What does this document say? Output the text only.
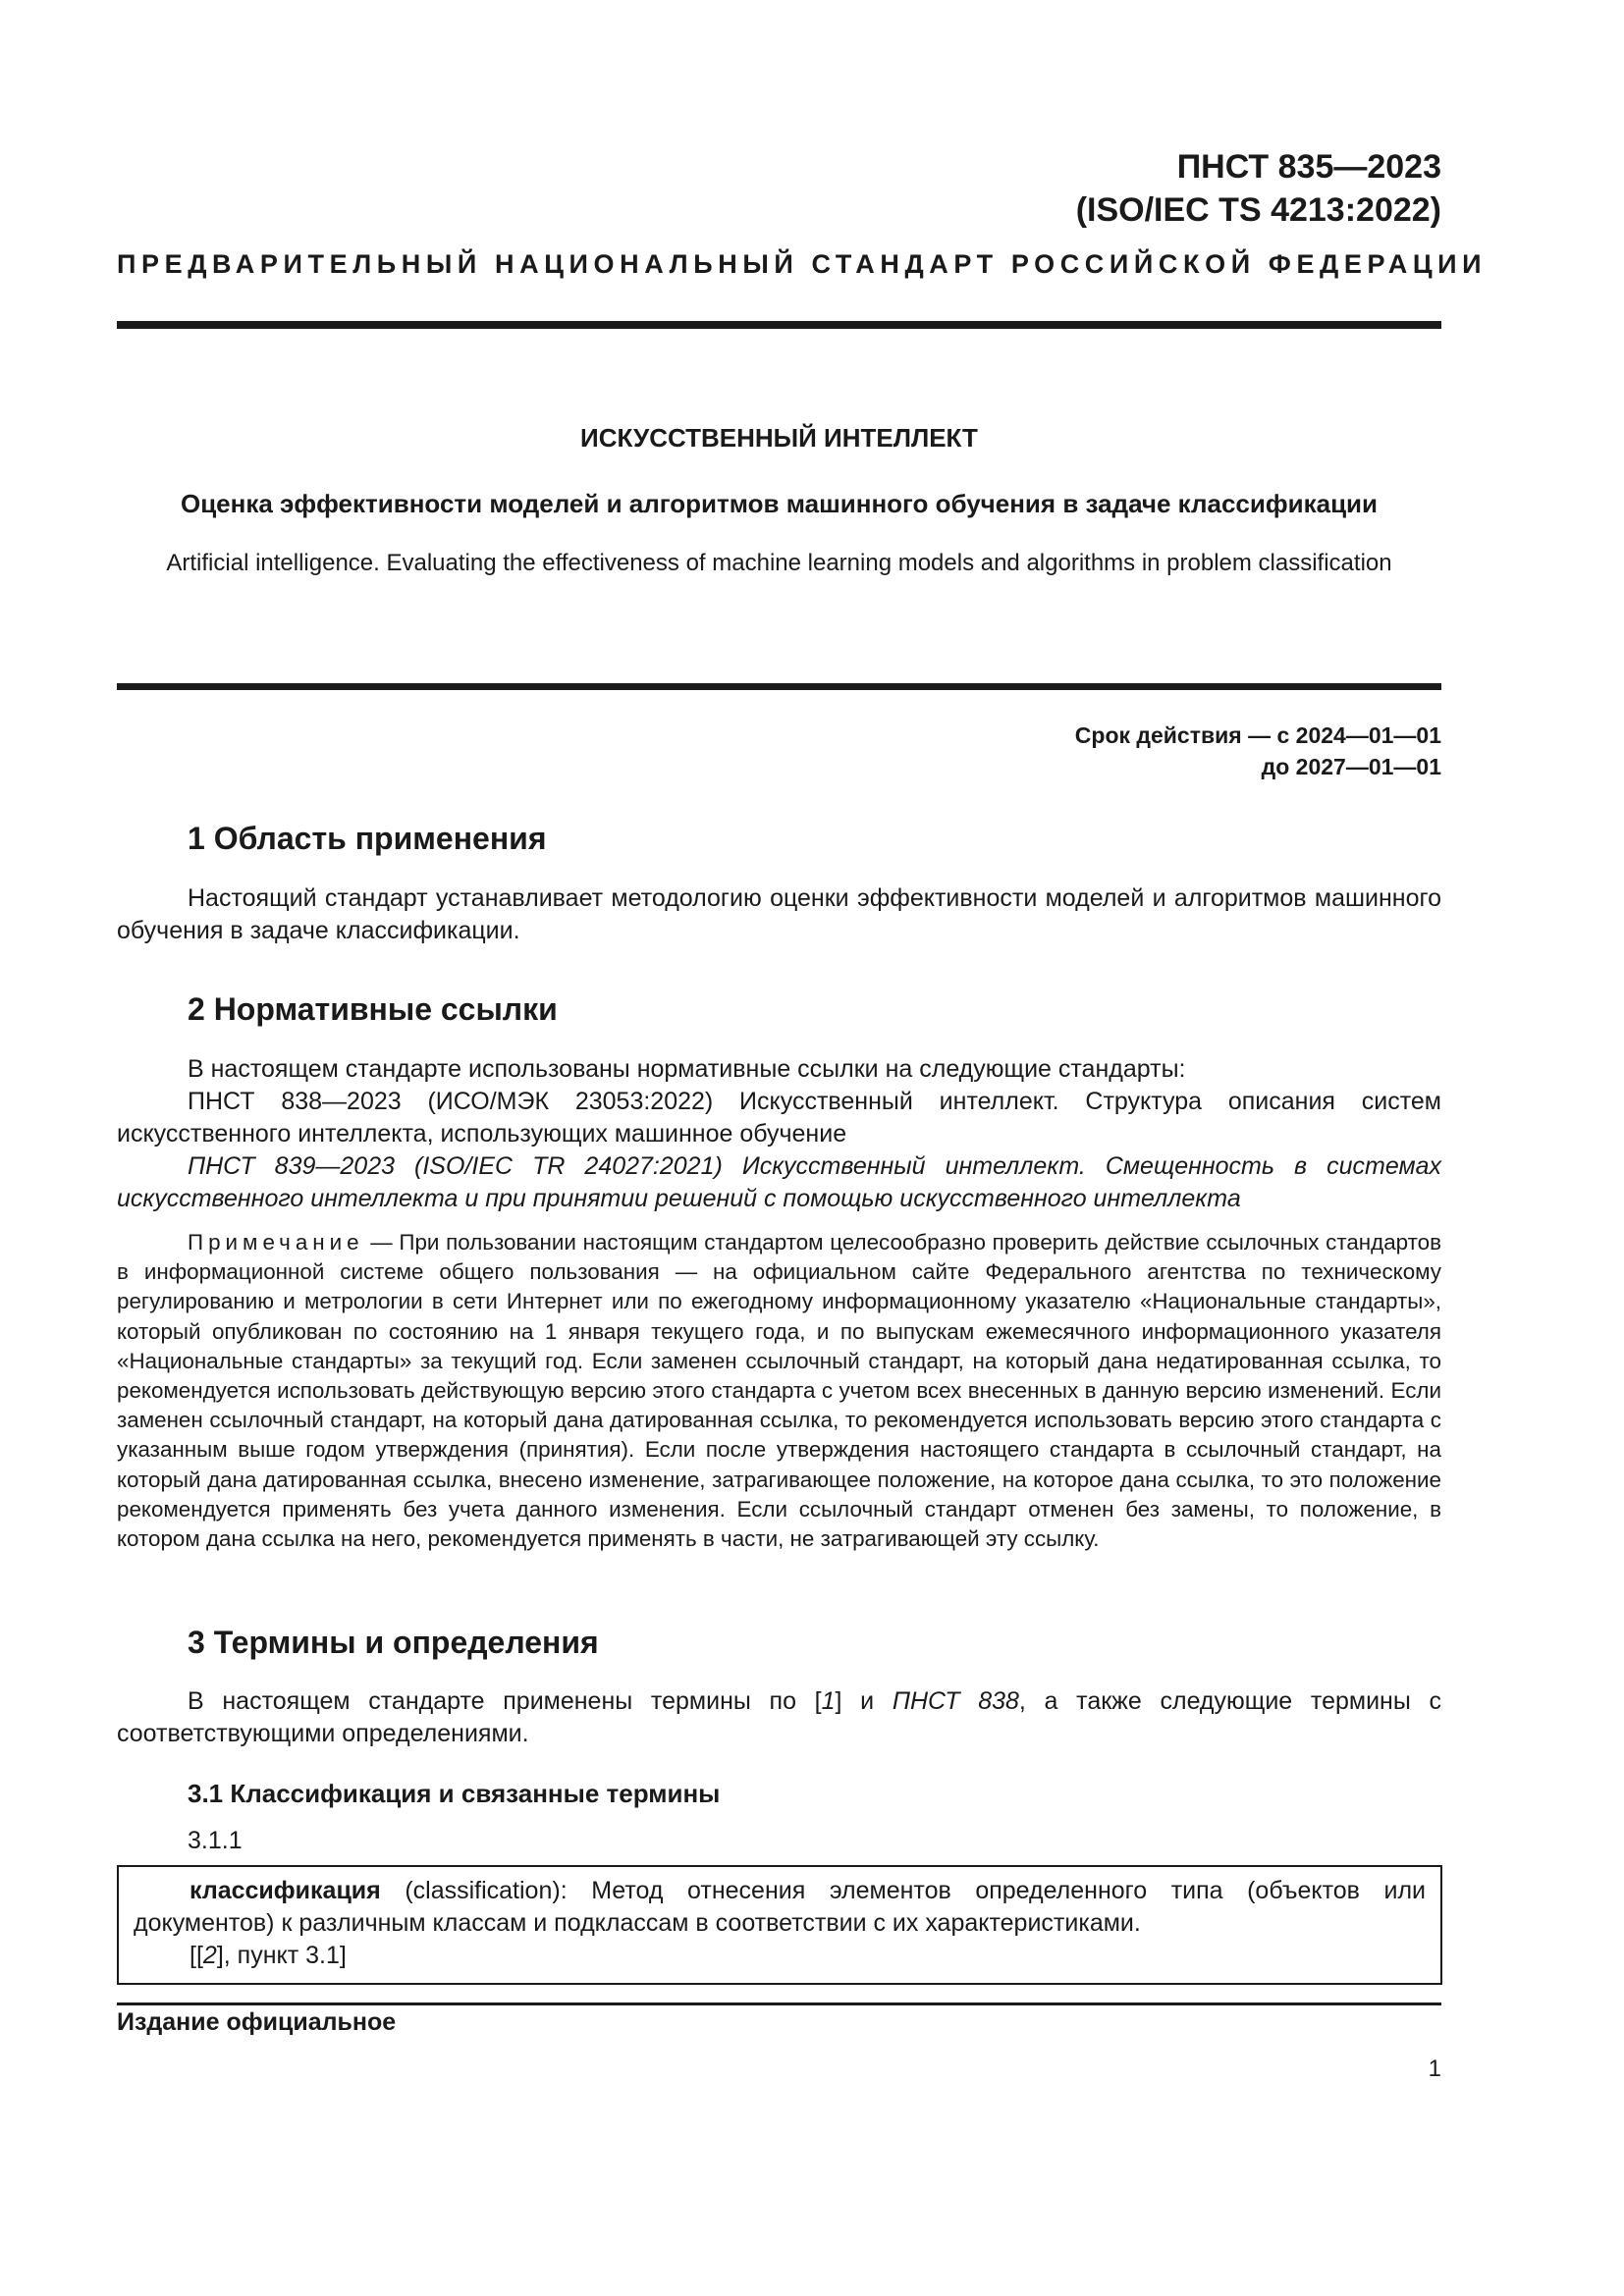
ПНСТ 835—2023
(ISO/IEC TS 4213:2022)
ПРЕДВАРИТЕЛЬНЫЙ НАЦИОНАЛЬНЫЙ СТАНДАРТ РОССИЙСКОЙ ФЕДЕРАЦИИ
ИСКУССТВЕННЫЙ ИНТЕЛЛЕКТ
Оценка эффективности моделей и алгоритмов машинного обучения в задаче классификации
Artificial intelligence. Evaluating the effectiveness of machine learning models and algorithms in problem classification
Срок действия — с 2024—01—01
до 2027—01—01
1 Область применения

Настоящий стандарт устанавливает методологию оценки эффективности моделей и алгоритмов машинного обучения в задаче классификации.

2 Нормативные ссылки

В настоящем стандарте использованы нормативные ссылки на следующие стандарты:

ПНСТ 838—2023 (ИСО/МЭК 23053:2022) Искусственный интеллект. Структура описания систем искусственного интеллекта, использующих машинное обучение

ПНСТ 839—2023 (ISO/IEC TR 24027:2021) Искусственный интеллект. Смещенность в системах искусственного интеллекта и при принятии решений с помощью искусственного интеллекта

Примечание — При пользовании настоящим стандартом целесообразно проверить действие ссылочных стандартов в информационной системе общего пользования — на официальном сайте Федерального агентства по техническому регулированию и метрологии в сети Интернет или по ежегодному информационному указателю «Национальные стандарты», который опубликован по состоянию на 1 января текущего года, и по выпускам ежемесячного информационного указателя «Национальные стандарты» за текущий год. Если заменен ссылочный стандарт, на который дана недатированная ссылка, то рекомендуется использовать действующую версию этого стандарта с учетом всех внесенных в данную версию изменений. Если заменен ссылочный стандарт, на который дана датированная ссылка, то рекомендуется использовать версию этого стандарта с указанным выше годом утверждения (принятия). Если после утверждения настоящего стандарта в ссылочный стандарт, на который дана датированная ссылка, внесено изменение, затрагивающее положение, на которое дана ссылка, то это положение рекомендуется применять без учета данного изменения. Если ссылочный стандарт отменен без замены, то положение, в котором дана ссылка на него, рекомендуется применять в части, не затрагивающей эту ссылку.
3 Термины и определения

В настоящем стандарте применены термины по [1] и ПНСТ 838, а также следующие термины с соответствующими определениями.

3.1 Классификация и связанные термины
3.1.1

классификация (classification): Метод отнесения элементов определенного типа (объектов или документов) к различным классам и подклассам в соответствии с их характеристиками.

[[2], пункт 3.1]

Издание официальное
1
